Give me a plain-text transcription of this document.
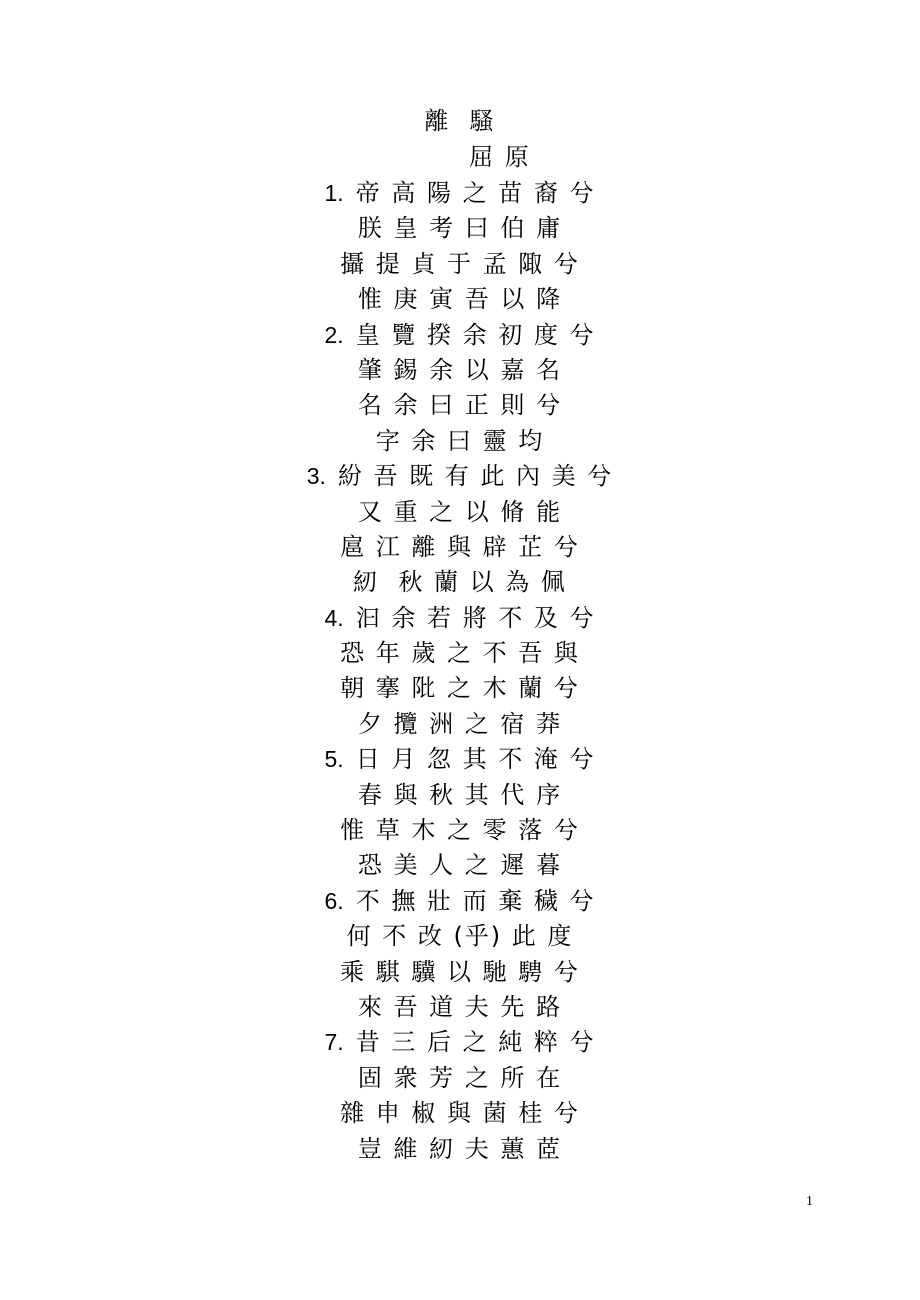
離  騷
屈 原
1. 帝 高 陽 之 苗 裔 兮
朕 皇 考 曰 伯 庸
攝 提 貞 于 孟 陬 兮
惟 庚 寅 吾 以 降
2. 皇 覽 揆 余 初 度 兮
肇 錫 余 以 嘉 名
名 余 曰 正 則 兮
字 余 曰 靈 均
3. 紛 吾 既 有 此 內 美 兮
又 重 之 以 脩 能
扈 江 離 與 辟 芷 兮
紉  秋 蘭 以 為 佩
4. 汩 余 若 將 不 及 兮
恐 年 歲 之 不 吾 與
朝 搴 阰 之 木 蘭 兮
夕 攬 洲 之 宿 莽
5. 日 月 忽 其 不 淹 兮
春 與 秋 其 代 序
惟 草 木 之 零 落 兮
恐 美 人 之 遲 暮
6. 不 撫 壯 而 棄 穢 兮
何 不 改 (乎) 此 度
乘 騏 驥 以 馳 騁 兮
來 吾 道 夫 先 路
7. 昔 三 后 之 純 粹 兮
固 衆 芳 之 所 在
雜 申 椒 與 菌 桂 兮
豈 維 紉 夫 蕙 茝
1
